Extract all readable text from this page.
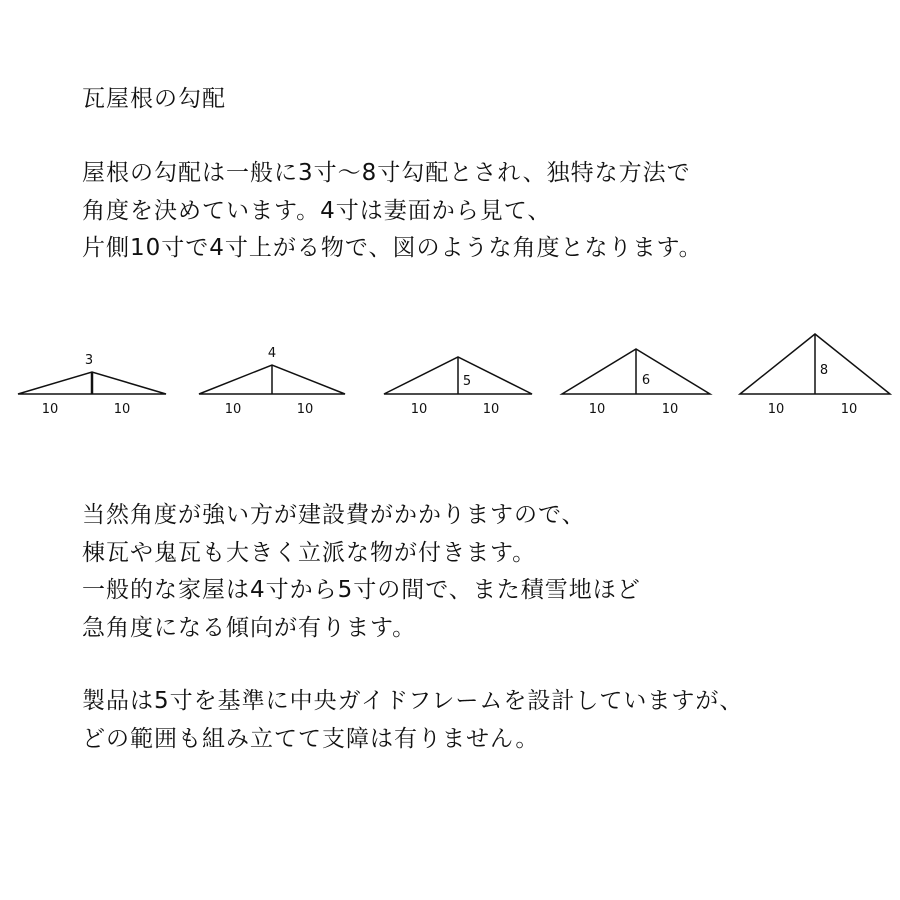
瓦屋根の勾配
屋根の勾配は一般に3寸～8寸勾配とされ、独特な方法で
角度を決めています。4寸は妻面から見て、
片側10寸で4寸上がる物で、図のような角度となります。
3
10	10
4
10	10
5
10	10
6
10	10
8
10	10
当然角度が強い方が建設費がかかりますので、
棟瓦や鬼瓦も大きく立派な物が付きます。
一般的な家屋は4寸から5寸の間で、また積雪地ほど
急角度になる傾向が有ります。
製品は5寸を基準に中央ガイドフレームを設計していますが、
どの範囲も組み立てて支障は有りません。
